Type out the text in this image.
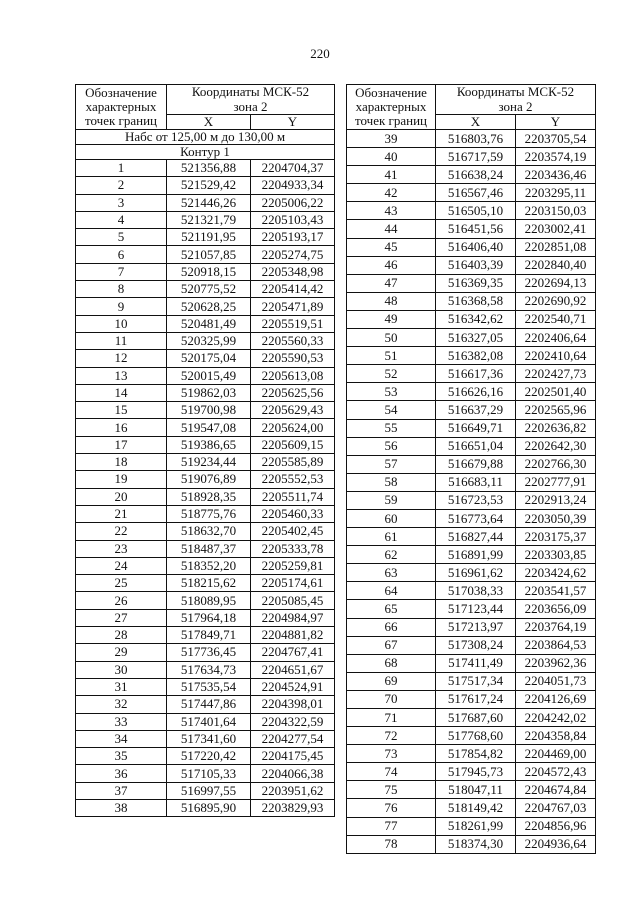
220
Обозначение
характерных
точек границ	Координаты МСК-52	
	зона 2	
	X	Y
Набс от 125,00 м до 130,00 м		
Контур 1		
1	521356,88	2204704,37
2	521529,42	2204933,34
3	521446,26	2205006,22
4	521321,79	2205103,43
5	521191,95	2205193,17
6	521057,85	2205274,75
7	520918,15	2205348,98
8	520775,52	2205414,42
9	520628,25	2205471,89
10	520481,49	2205519,51
11	520325,99	2205560,33
12	520175,04	2205590,53
13	520015,49	2205613,08
14	519862,03	2205625,56
15	519700,98	2205629,43
16	519547,08	2205624,00
17	519386,65	2205609,15
18	519234,44	2205585,89
19	519076,89	2205552,53
20	518928,35	2205511,74
21	518775,76	2205460,33
22	518632,70	2205402,45
23	518487,37	2205333,78
24	518352,20	2205259,81
25	518215,62	2205174,61
26	518089,95	2205085,45
27	517964,18	2204984,97
28	517849,71	2204881,82
29	517736,45	2204767,41
30	517634,73	2204651,67
31	517535,54	2204524,91
32	517447,86	2204398,01
33	517401,64	2204322,59
34	517341,60	2204277,54
35	517220,42	2204175,45
36	517105,33	2204066,38
37	516997,55	2203951,62
38	516895,90	2203829,93
Обозначение
характерных
точек границ	Координаты МСК-52	
	зона 2	
	X	Y
39	516803,76	2203705,54
40	516717,59	2203574,19
41	516638,24	2203436,46
42	516567,46	2203295,11
43	516505,10	2203150,03
44	516451,56	2203002,41
45	516406,40	2202851,08
46	516403,39	2202840,40
47	516369,35	2202694,13
48	516368,58	2202690,92
49	516342,62	2202540,71
50	516327,05	2202406,64
51	516382,08	2202410,64
52	516617,36	2202427,73
53	516626,16	2202501,40
54	516637,29	2202565,96
55	516649,71	2202636,82
56	516651,04	2202642,30
57	516679,88	2202766,30
58	516683,11	2202777,91
59	516723,53	2202913,24
60	516773,64	2203050,39
61	516827,44	2203175,37
62	516891,99	2203303,85
63	516961,62	2203424,62
64	517038,33	2203541,57
65	517123,44	2203656,09
66	517213,97	2203764,19
67	517308,24	2203864,53
68	517411,49	2203962,36
69	517517,34	2204051,73
70	517617,24	2204126,69
71	517687,60	2204242,02
72	517768,60	2204358,84
73	517854,82	2204469,00
74	517945,73	2204572,43
75	518047,11	2204674,84
76	518149,42	2204767,03
77	518261,99	2204856,96
78	518374,30	2204936,64
